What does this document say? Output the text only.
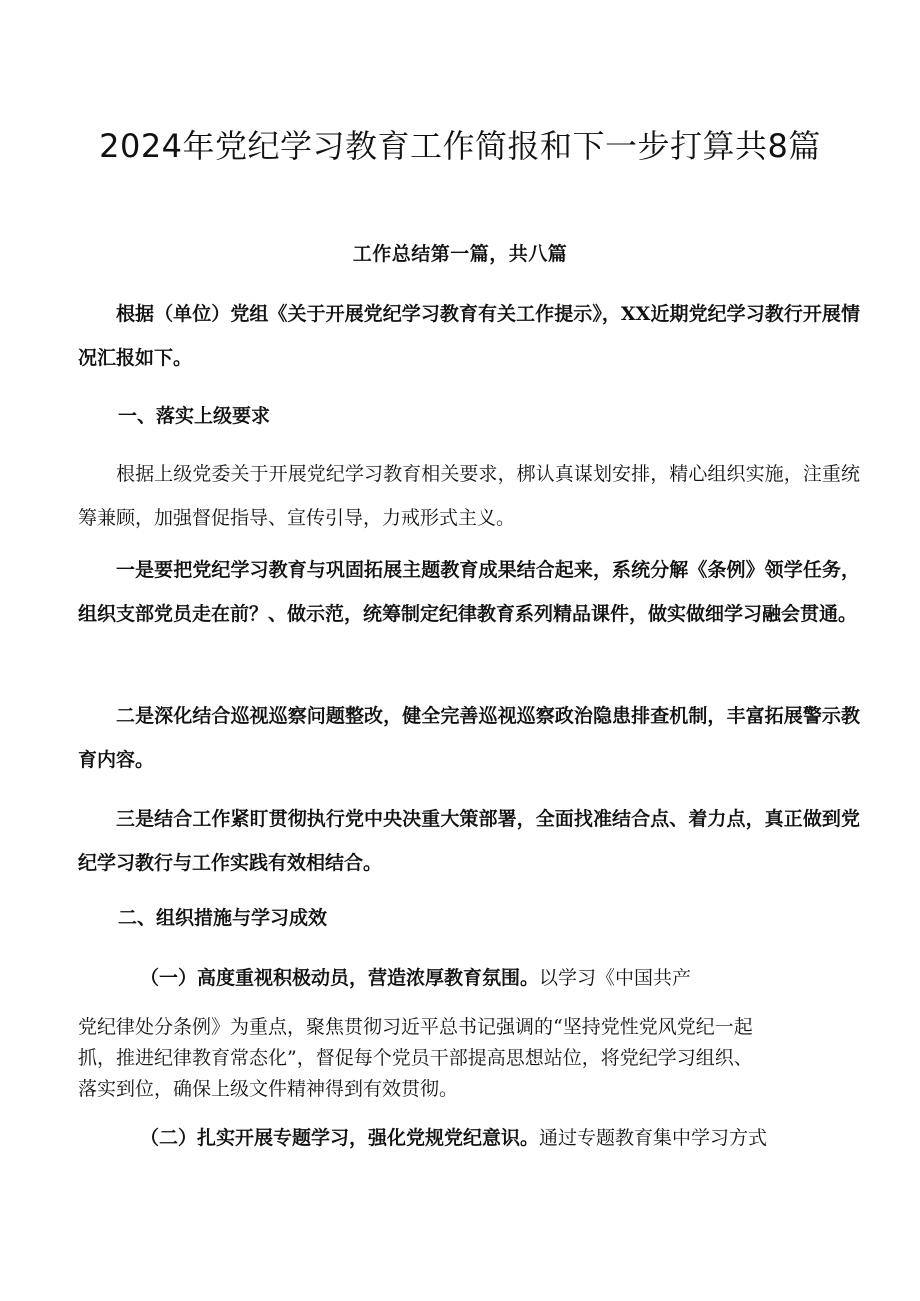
2024年党纪学习教育工作简报和下一步打算共8篇
工作总结第一篇，共八篇
根据（单位）党组《关于开展党纪学习教育有关工作提示》，XX近期党纪学习教行开展情况汇报如下。
一、落实上级要求
根据上级党委关于开展党纪学习教育相关要求，梆认真谋划安排，精心组织实施，注重统筹兼顾，加强督促指导、宣传引导，力戒形式主义。
一是要把党纪学习教育与巩固拓展主题教育成果结合起来，系统分解《条例》领学任务，组织支部党员走在前？、做示范，统筹制定纪律教育系列精品课件，做实做细学习融会贯通。
二是深化结合巡视巡察问题整改，健全完善巡视巡察政治隐患排查机制，丰富拓展警示教育内容。
三是结合工作紧盯贯彻执行党中央决重大策部署，全面找准结合点、着力点，真正做到党纪学习教行与工作实践有效相结合。
二、组织措施与学习成效
（一）高度重视积极动员，营造浓厚教育氛围。以学习《中国共产
党纪律处分条例》为重点，聚焦贯彻习近平总书记强调的“坚持党性党风党纪一起
抓，推进纪律教育常态化”，督促每个党员干部提高思想站位，将党纪学习组织、
落实到位，确保上级文件精神得到有效贯彻。
（二）扎实开展专题学习，强化党规党纪意识。通过专题教育集中学习方式
